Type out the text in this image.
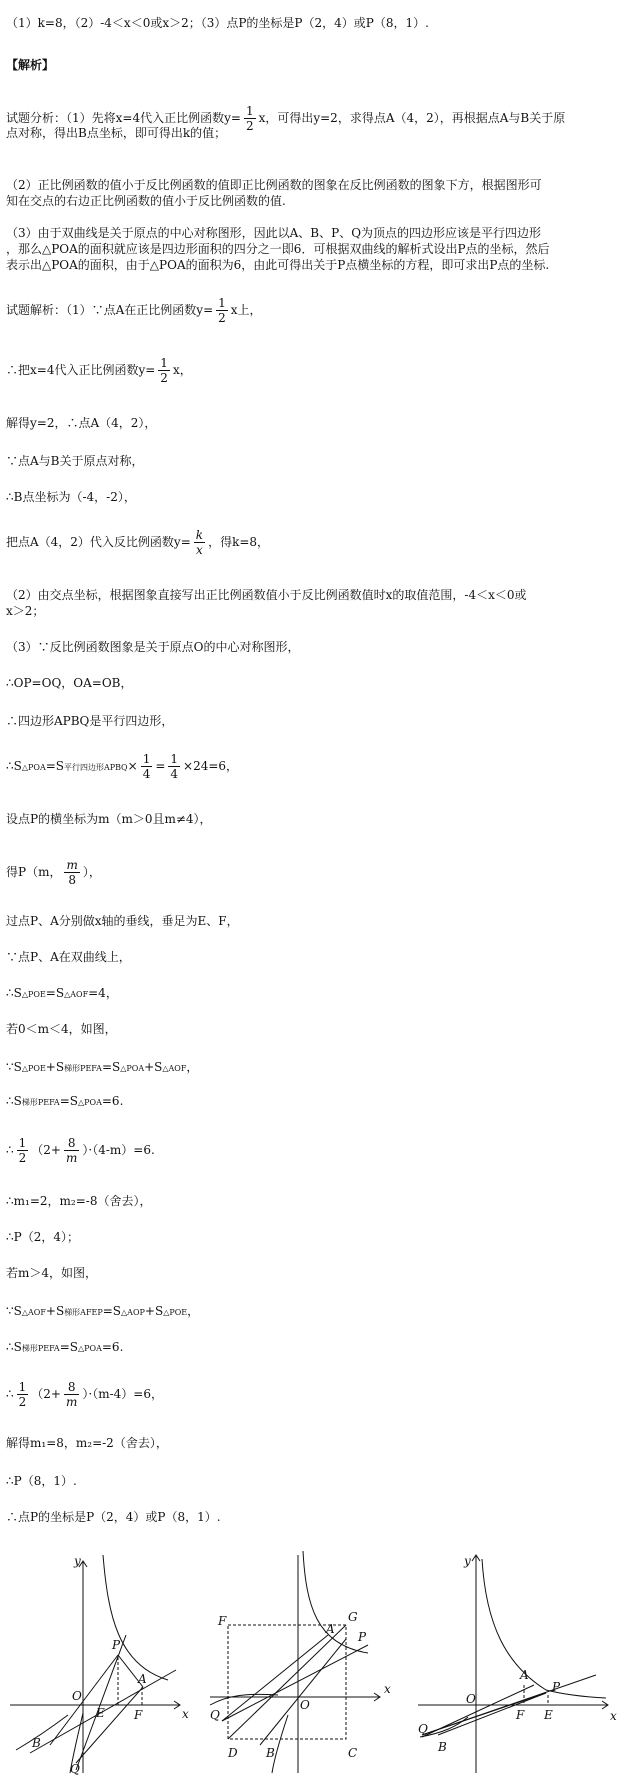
（1）k=8，（2）-4＜x＜0或x＞2；（3）点P的坐标是P（2，4）或P（8，1）.
【解析】
试题分析：（1）先将x=4代入正比例函数$y= \frac{1}{2}$ x，可得出y=2，求得点A（4，2），再根据点A与B关于原
点对称，得出B点坐标，即可得出k的值；
（2）正比例函数的值小于反比例函数的值即正比例函数的图象在反比例函数的图象下方，根据图形可
知在交点的右边正比例函数的值小于反比例函数的值.
（3）由于双曲线是关于原点的中心对称图形，因此以A、B、P、Q为顶点的四边形应该是平行四边形
，那么△POA的面积就应该是四边形面积的四分之一即6．可根据双曲线的解析式设出P点的坐标，然后
表示出△POA的面积，由于△POA的面积为6，由此可得出关于P点横坐标的方程，即可求出P点的坐标.
试题解析：（1）∵点A在正比例函数$y= \frac{1}{2}$ x上，
∴把x=4代入正比例函数$y= \frac{1}{2}$ x，
解得y=2，∴点A（4，2），
∵点A与B关于原点对称，
∴B点坐标为（-4，-2），
把点A（4，2）代入反比例函数$y= \frac{k}{x}$ ，得k=8，
（2）由交点坐标，根据图象直接写出正比例函数值小于反比例函数值时x的取值范围，-4＜x＜0或
x＞2；
（3）∵反比例函数图象是关于原点O的中心对称图形，
∴OP=OQ，OA=OB，
∴四边形APBQ是平行四边形，
∴S△POA=S平行四边形APBQ× $\frac{1}{4} = \frac{1}{4} \times 24=6$，
设点P的横坐标为m（m＞0且m≠4），
得P（m， $\frac{m}{8}$ ），
过点P、A分别做x轴的垂线，垂足为E、F，
∵点P、A在双曲线上，
∴S△POE=S△AOF=4，
若0＜m＜4，如图，
∵S△POE+S梯形PEFA=S△POA+S△AOF，
∴S梯形PEFA=S△POA=6.
∴ $\frac{1}{2} (2+ \frac{8}{m} )\cdot(4-m)=6$.
∴m₁=2，m₂=-8（舍去），
∴P（2，4）；
若m＞4，如图，
∵S△AOF+S梯形AFEP=S△AOP+S△POE，
∴S梯形PEFA=S△POA=6.
∴ $\frac{1}{2} (2+ \frac{8}{m} )\cdot(m-4)=6$，
解得m₁=8，m₂=-2（舍去），
∴P（8，1）.
∴点P的坐标是P（2，4）或P（8，1）.
y
x
P
A
O
E F
B
Q
F	G
P
A
O
Q
D B	C
x
y
x
A
P
O
Q
F E
B
